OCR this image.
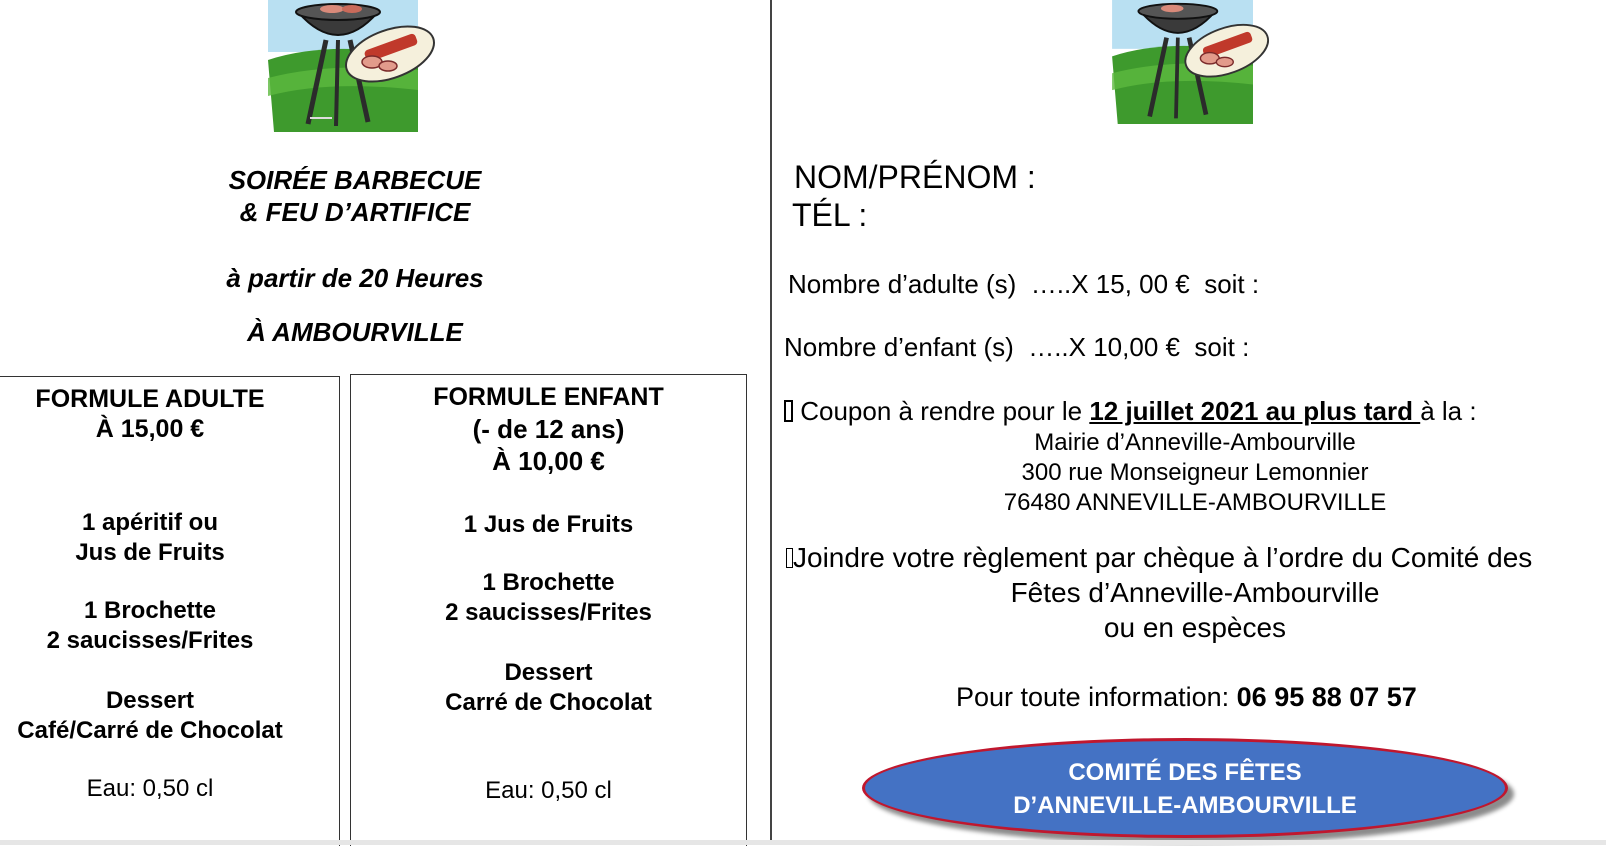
SOIRÉE BARBECUE
& FEU D’ARTIFICE
à partir de 20 Heures
À AMBOURVILLE
FORMULE ADULTE
À 15,00 €
1 apéritif ou
Jus de Fruits
1 Brochette
2 saucisses/Frites
Dessert
Café/Carré de Chocolat
Eau: 0,50 cl
FORMULE ENFANT
(- de 12 ans)
À 10,00 €
1 Jus de Fruits
1 Brochette
2 saucisses/Frites
Dessert
Carré de Chocolat
Eau: 0,50 cl
NOM/PRÉNOM :
TÉL :
Nombre d’adulte (s)  …..X 15, 00 €  soit :
Nombre d’enfant (s)  …..X 10,00 €  soit :
Coupon à rendre pour le 12 juillet 2021 au plus tard à la :
Mairie d’Anneville-Ambourville
300 rue Monseigneur Lemonnier
76480 ANNEVILLE-AMBOURVILLE
Joindre votre règlement par chèque à l’ordre du Comité des
Fêtes d’Anneville-Ambourville
ou en espèces
Pour toute information: 06 95 88 07 57
COMITÉ DES FÊTES
D’ANNEVILLE-AMBOURVILLE
